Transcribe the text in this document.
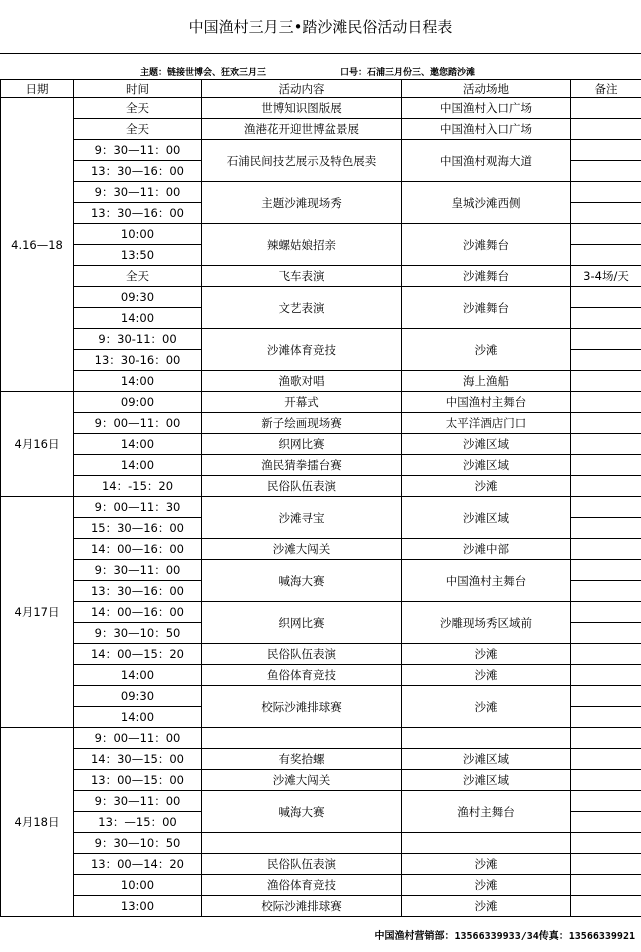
中国渔村三月三•踏沙滩民俗活动日程表
主题：链接世博会、狂欢三月三	口号：石浦三月份三、邀您踏沙滩
日期	时间	活动内容	活动场地	备注
4.16—18	全天	世博知识图版展	中国渔村入口广场	
	全天	渔港花开迎世博盆景展	中国渔村入口广场	
	9：30—11：00	石浦民间技艺展示及特色展卖	中国渔村观海大道	
	13：30—16：00			
	9：30—11：00	主题沙滩现场秀	皇城沙滩西侧	
	13：30—16：00			
	10:00	辣螺姑娘招亲	沙滩舞台	
	13:50			
	全天	飞车表演	沙滩舞台	3-4场/天
	09:30	文艺表演	沙滩舞台	
	14:00			
	9：30-11：00	沙滩体育竞技	沙滩	
	13：30-16：00			
	14:00	渔歌对唱	海上渔船	
4月16日	09:00	开幕式	中国渔村主舞台	
	9：00—11：00	新子绘画现场赛	太平洋酒店门口	
	14:00	织网比赛	沙滩区域	
	14:00	渔民猜拳擂台赛	沙滩区域	
	14：-15：20	民俗队伍表演	沙滩	
4月17日	9：00—11：30	沙滩寻宝	沙滩区域	
	15：30—16：00			
	14：00—16：00	沙滩大闯关	沙滩中部	
	9：30—11：00	喊海大赛	中国渔村主舞台	
	13：30—16：00			
	14：00—16：00	织网比赛	沙雕现场秀区域前	
	9：30—10：50			
	14：00—15：20	民俗队伍表演	沙滩	
	14:00	鱼俗体育竞技	沙滩	
	09:30	校际沙滩排球赛	沙滩	
	14:00			
4月18日	9：00—11：00			
	14：30—15：00	有奖拾螺	沙滩区域	
	13：00—15：00	沙滩大闯关	沙滩区域	
	9：30—11：00	喊海大赛	渔村主舞台	
	13：—15：00			
	9：30—10：50			
	13：00—14：20	民俗队伍表演	沙滩	
	10:00	渔俗体育竞技	沙滩	
	13:00	校际沙滩排球赛	沙滩	
中国渔村营销部：13566339933/34传真：13566339921
